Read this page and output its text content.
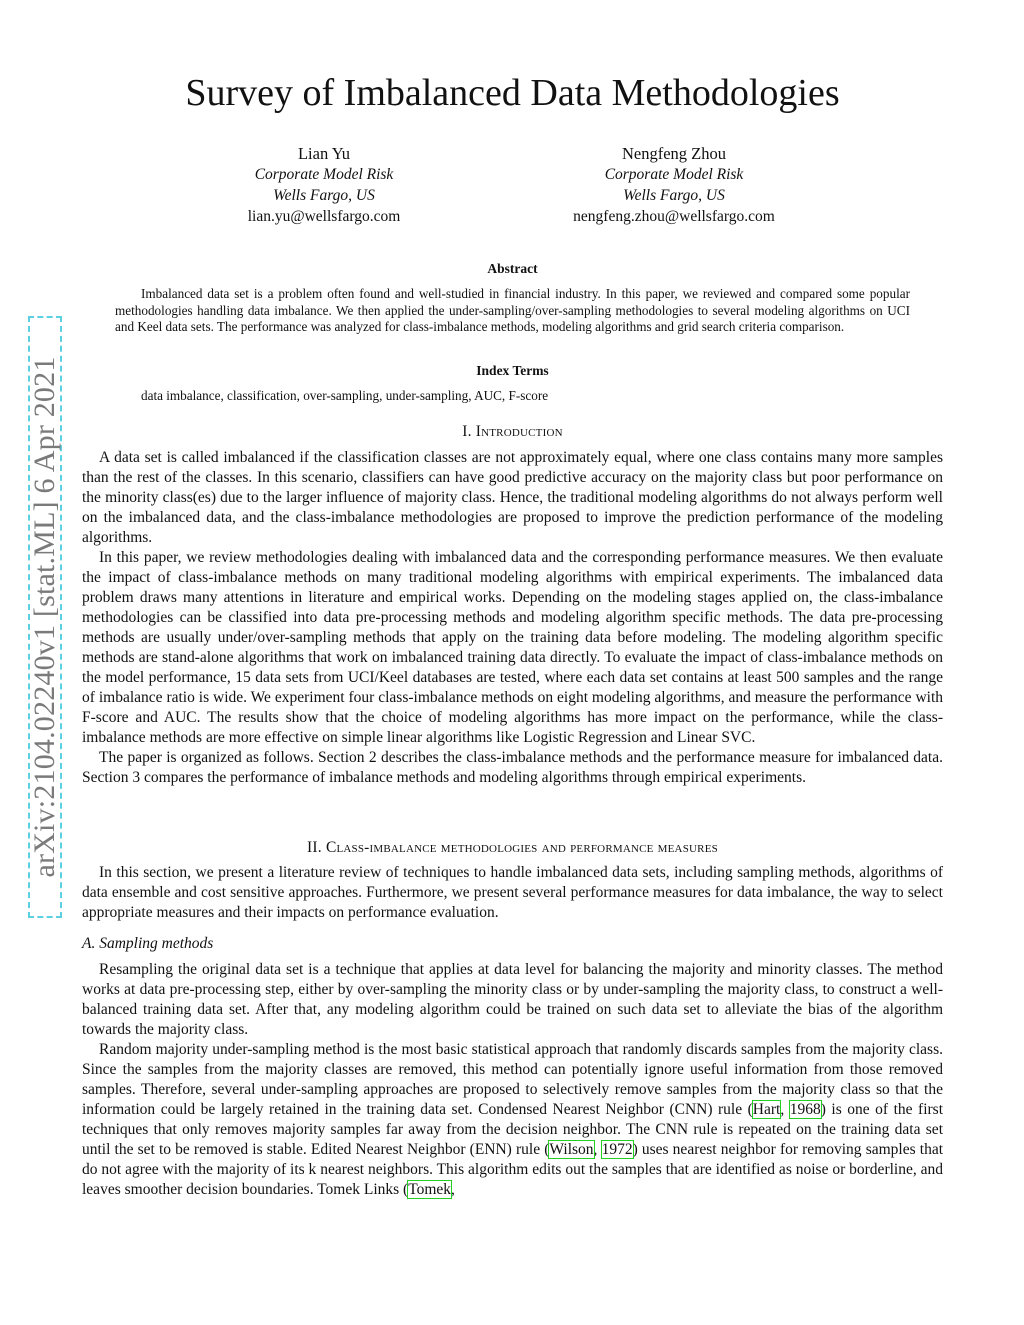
arXiv:2104.02240v1 [stat.ML] 6 Apr 2021
Survey of Imbalanced Data Methodologies
Lian Yu
Corporate Model Risk
Wells Fargo, US
lian.yu@wellsfargo.com
Nengfeng Zhou
Corporate Model Risk
Wells Fargo, US
nengfeng.zhou@wellsfargo.com
Abstract

Imbalanced data set is a problem often found and well-studied in financial industry. In this paper, we reviewed and compared some popular methodologies handling data imbalance. We then applied the under-sampling/over-sampling methodologies to several modeling algorithms on UCI and Keel data sets. The performance was analyzed for class-imbalance methods, modeling algorithms and grid search criteria comparison.

Index Terms

data imbalance, classification, over-sampling, under-sampling, AUC, F-score

I. Introduction

A data set is called imbalanced if the classification classes are not approximately equal, where one class contains many more samples than the rest of the classes. In this scenario, classifiers can have good predictive accuracy on the majority class but poor performance on the minority class(es) due to the larger influence of majority class. Hence, the traditional modeling algorithms do not always perform well on the imbalanced data, and the class-imbalance methodologies are proposed to improve the prediction performance of the modeling algorithms.

In this paper, we review methodologies dealing with imbalanced data and the corresponding performance measures. We then evaluate the impact of class-imbalance methods on many traditional modeling algorithms with empirical experiments. The imbalanced data problem draws many attentions in literature and empirical works. Depending on the modeling stages applied on, the class-imbalance methodologies can be classified into data pre-processing methods and modeling algorithm specific methods. The data pre-processing methods are usually under/over-sampling methods that apply on the training data before modeling. The modeling algorithm specific methods are stand-alone algorithms that work on imbalanced training data directly. To evaluate the impact of class-imbalance methods on the model performance, 15 data sets from UCI/Keel databases are tested, where each data set contains at least 500 samples and the range of imbalance ratio is wide. We experiment four class-imbalance methods on eight modeling algorithms, and measure the performance with F-score and AUC. The results show that the choice of modeling algorithms has more impact on the performance, while the class-imbalance methods are more effective on simple linear algorithms like Logistic Regression and Linear SVC.

The paper is organized as follows. Section 2 describes the class-imbalance methods and the performance measure for imbalanced data. Section 3 compares the performance of imbalance methods and modeling algorithms through empirical experiments.

II. Class-imbalance methodologies and performance measures

In this section, we present a literature review of techniques to handle imbalanced data sets, including sampling methods, algorithms of data ensemble and cost sensitive approaches. Furthermore, we present several performance measures for data imbalance, the way to select appropriate measures and their impacts on performance evaluation.

A. Sampling methods

Resampling the original data set is a technique that applies at data level for balancing the majority and minority classes. The method works at data pre-processing step, either by over-sampling the minority class or by under-sampling the majority class, to construct a well-balanced training data set. After that, any modeling algorithm could be trained on such data set to alleviate the bias of the algorithm towards the majority class.

Random majority under-sampling method is the most basic statistical approach that randomly discards samples from the majority class. Since the samples from the majority classes are removed, this method can potentially ignore useful information from those removed samples. Therefore, several under-sampling approaches are proposed to selectively remove samples from the majority class so that the information could be largely retained in the training data set. Condensed Nearest Neighbor (CNN) rule (Hart, 1968) is one of the first techniques that only removes majority samples far away from the decision neighbor. The CNN rule is repeated on the training data set until the set to be removed is stable. Edited Nearest Neighbor (ENN) rule (Wilson, 1972) uses nearest neighbor for removing samples that do not agree with the majority of its k nearest neighbors. This algorithm edits out the samples that are identified as noise or borderline, and leaves smoother decision boundaries. Tomek Links (Tomek,
